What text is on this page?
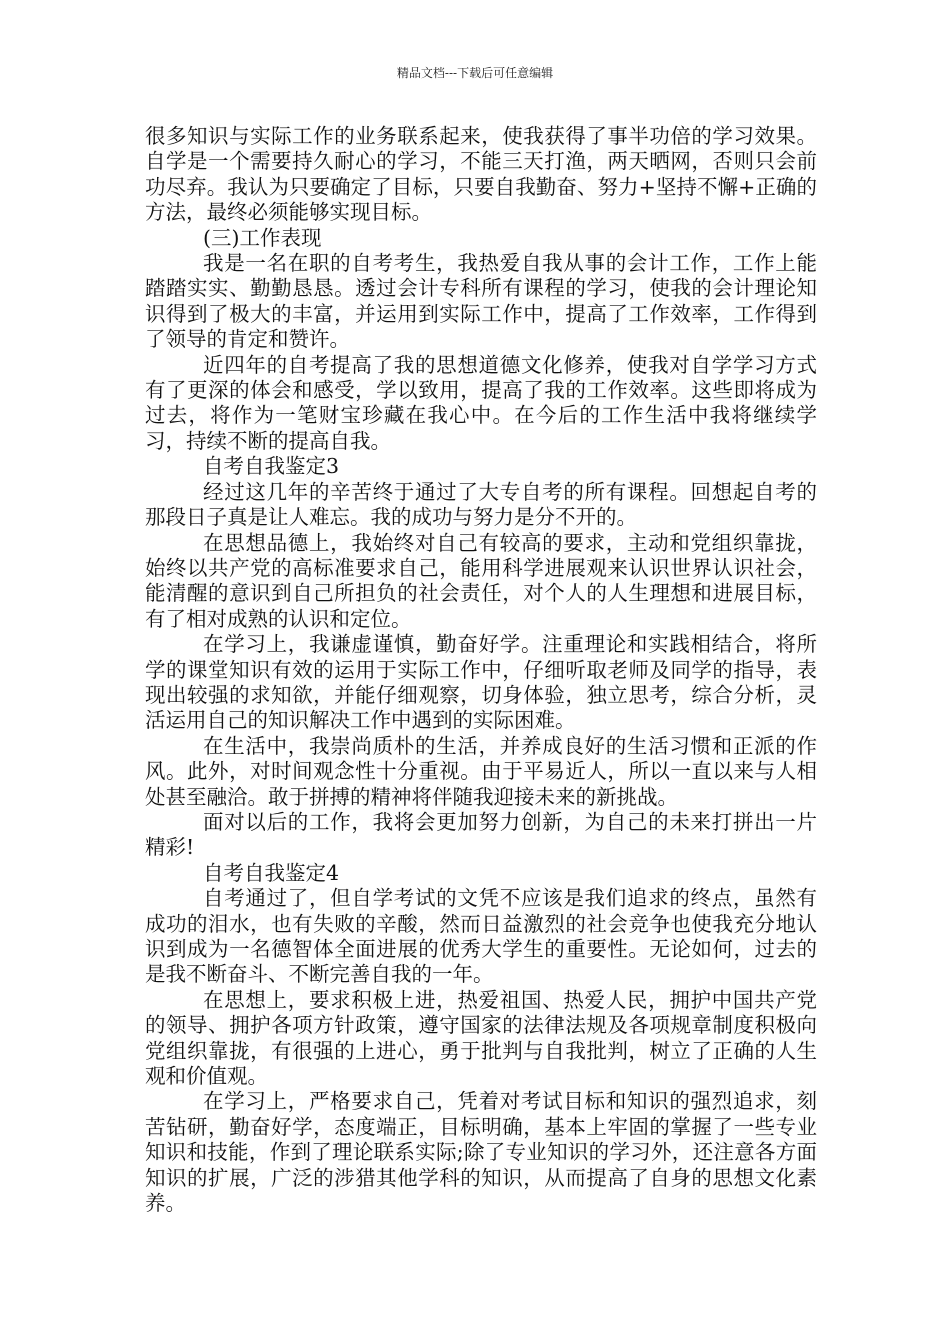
精品文档---下载后可任意编辑

很多知识与实际工作的业务联系起来，使我获得了事半功倍的学习效果。自学是一个需要持久耐心的学习，不能三天打渔，两天晒网，否则只会前功尽弃。我认为只要确定了目标，只要自我勤奋、努力+坚持不懈+正确的方法，最终必须能够实现目标。

(三)工作表现

我是一名在职的自考考生，我热爱自我从事的会计工作，工作上能踏踏实实、勤勤恳恳。透过会计专科所有课程的学习，使我的会计理论知识得到了极大的丰富，并运用到实际工作中，提高了工作效率，工作得到了领导的肯定和赞许。

近四年的自考提高了我的思想道德文化修养，使我对自学学习方式有了更深的体会和感受，学以致用，提高了我的工作效率。这些即将成为过去，将作为一笔财宝珍藏在我心中。在今后的工作生活中我将继续学习，持续不断的提高自我。

自考自我鉴定3

经过这几年的辛苦终于通过了大专自考的所有课程。回想起自考的那段日子真是让人难忘。我的成功与努力是分不开的。

在思想品德上，我始终对自己有较高的要求，主动和党组织靠拢，始终以共产党的高标准要求自己，能用科学进展观来认识世界认识社会，能清醒的意识到自己所担负的社会责任，对个人的人生理想和进展目标，有了相对成熟的认识和定位。

在学习上，我谦虚谨慎，勤奋好学。注重理论和实践相结合，将所学的课堂知识有效的运用于实际工作中，仔细听取老师及同学的指导，表现出较强的求知欲，并能仔细观察，切身体验，独立思考，综合分析，灵活运用自己的知识解决工作中遇到的实际困难。

在生活中，我崇尚质朴的生活，并养成良好的生活习惯和正派的作风。此外，对时间观念性十分重视。由于平易近人，所以一直以来与人相处甚至融洽。敢于拼搏的精神将伴随我迎接未来的新挑战。

面对以后的工作，我将会更加努力创新，为自己的未来打拼出一片精彩!

自考自我鉴定4

自考通过了，但自学考试的文凭不应该是我们追求的终点，虽然有成功的泪水，也有失败的辛酸，然而日益激烈的社会竞争也使我充分地认识到成为一名德智体全面进展的优秀大学生的重要性。无论如何，过去的是我不断奋斗、不断完善自我的一年。

在思想上，要求积极上进，热爱祖国、热爱人民，拥护中国共产党的领导、拥护各项方针政策，遵守国家的法律法规及各项规章制度积极向党组织靠拢，有很强的上进心，勇于批判与自我批判，树立了正确的人生观和价值观。

在学习上，严格要求自己，凭着对考试目标和知识的强烈追求，刻苦钻研，勤奋好学，态度端正，目标明确，基本上牢固的掌握了一些专业知识和技能，作到了理论联系实际;除了专业知识的学习外，还注意各方面知识的扩展，广泛的涉猎其他学科的知识，从而提高了自身的思想文化素养。
